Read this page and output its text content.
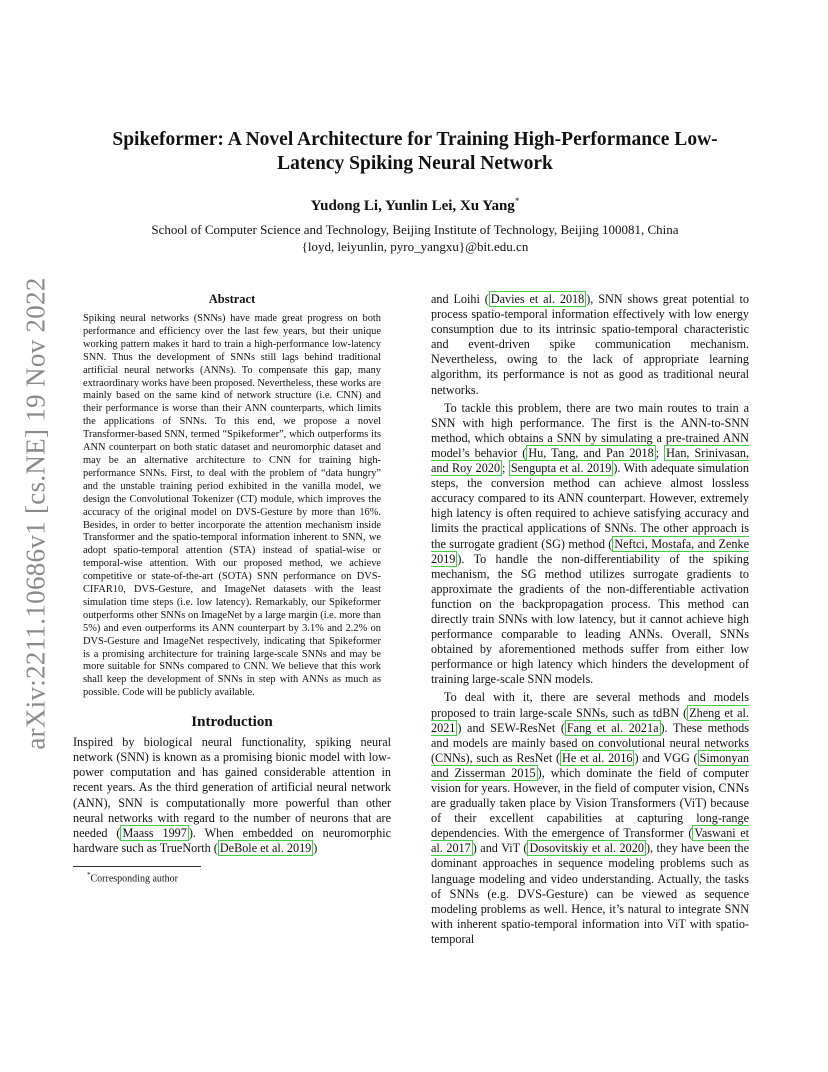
arXiv:2211.10686v1 [cs.NE] 19 Nov 2022
Spikeformer: A Novel Architecture for Training High-Performance Low-Latency Spiking Neural Network
Yudong Li, Yunlin Lei, Xu Yang*
School of Computer Science and Technology, Beijing Institute of Technology, Beijing 100081, China
{loyd, leiyunlin, pyro_yangxu}@bit.edu.cn
Abstract

Spiking neural networks (SNNs) have made great progress on both performance and efficiency over the last few years, but their unique working pattern makes it hard to train a high-performance low-latency SNN. Thus the development of SNNs still lags behind traditional artificial neural networks (ANNs). To compensate this gap, many extraordinary works have been proposed. Nevertheless, these works are mainly based on the same kind of network structure (i.e. CNN) and their performance is worse than their ANN counterparts, which limits the applications of SNNs. To this end, we propose a novel Transformer-based SNN, termed “Spikeformer”, which outperforms its ANN counterpart on both static dataset and neuromorphic dataset and may be an alternative architecture to CNN for training high-performance SNNs. First, to deal with the problem of “data hungry” and the unstable training period exhibited in the vanilla model, we design the Convolutional Tokenizer (CT) module, which improves the accuracy of the original model on DVS-Gesture by more than 16%. Besides, in order to better incorporate the attention mechanism inside Transformer and the spatio-temporal information inherent to SNN, we adopt spatio-temporal attention (STA) instead of spatial-wise or temporal-wise attention. With our proposed method, we achieve competitive or state-of-the-art (SOTA) SNN performance on DVS-CIFAR10, DVS-Gesture, and ImageNet datasets with the least simulation time steps (i.e. low latency). Remarkably, our Spikeformer outperforms other SNNs on ImageNet by a large margin (i.e. more than 5%) and even outperforms its ANN counterpart by 3.1% and 2.2% on DVS-Gesture and ImageNet respectively, indicating that Spikeformer is a promising architecture for training large-scale SNNs and may be more suitable for SNNs compared to CNN. We believe that this work shall keep the development of SNNs in step with ANNs as much as possible. Code will be publicly available.

Introduction

Inspired by biological neural functionality, spiking neural network (SNN) is known as a promising bionic model with low-power computation and has gained considerable attention in recent years. As the third generation of artificial neural network (ANN), SNN is computationally more powerful than other neural networks with regard to the number of neurons that are needed ( Maass 1997 ). When embedded on neuromorphic hardware such as TrueNorth ( DeBole et al. 2019 )

*Corresponding author

and Loihi ( Davies et al. 2018 ), SNN shows great potential to process spatio-temporal information effectively with low energy consumption due to its intrinsic spatio-temporal characteristic and event-driven spike communication mechanism. Nevertheless, owing to the lack of appropriate learning algorithm, its performance is not as good as traditional neural networks.

To tackle this problem, there are two main routes to train a SNN with high performance. The first is the ANN-to-SNN method, which obtains a SNN by simulating a pre-trained ANN model’s behavior ( Hu, Tang, and Pan 2018 ; Han, Srinivasan, and Roy 2020 ; Sengupta et al. 2019 ). With adequate simulation steps, the conversion method can achieve almost lossless accuracy compared to its ANN counterpart. However, extremely high latency is often required to achieve satisfying accuracy and limits the practical applications of SNNs. The other approach is the surrogate gradient (SG) method ( Neftci, Mostafa, and Zenke 2019 ). To handle the non-differentiability of the spiking mechanism, the SG method utilizes surrogate gradients to approximate the gradients of the non-differentiable activation function on the backpropagation process. This method can directly train SNNs with low latency, but it cannot achieve high performance comparable to leading ANNs. Overall, SNNs obtained by aforementioned methods suffer from either low performance or high latency which hinders the development of training large-scale SNN models.

To deal with it, there are several methods and models proposed to train large-scale SNNs, such as tdBN ( Zheng et al. 2021 ) and SEW-ResNet ( Fang et al. 2021a ). These methods and models are mainly based on convolutional neural networks (CNNs), such as ResNet ( He et al. 2016 ) and VGG ( Simonyan and Zisserman 2015 ), which dominate the field of computer vision for years. However, in the field of computer vision, CNNs are gradually taken place by Vision Transformers (ViT) because of their excellent capabilities at capturing long-range dependencies. With the emergence of Transformer ( Vaswani et al. 2017 ) and ViT ( Dosovitskiy et al. 2020 ), they have been the dominant approaches in sequence modeling problems such as language modeling and video understanding. Actually, the tasks of SNNs (e.g. DVS-Gesture) can be viewed as sequence modeling problems as well. Hence, it’s natural to integrate SNN with inherent spatio-temporal information into ViT with spatio-temporal
